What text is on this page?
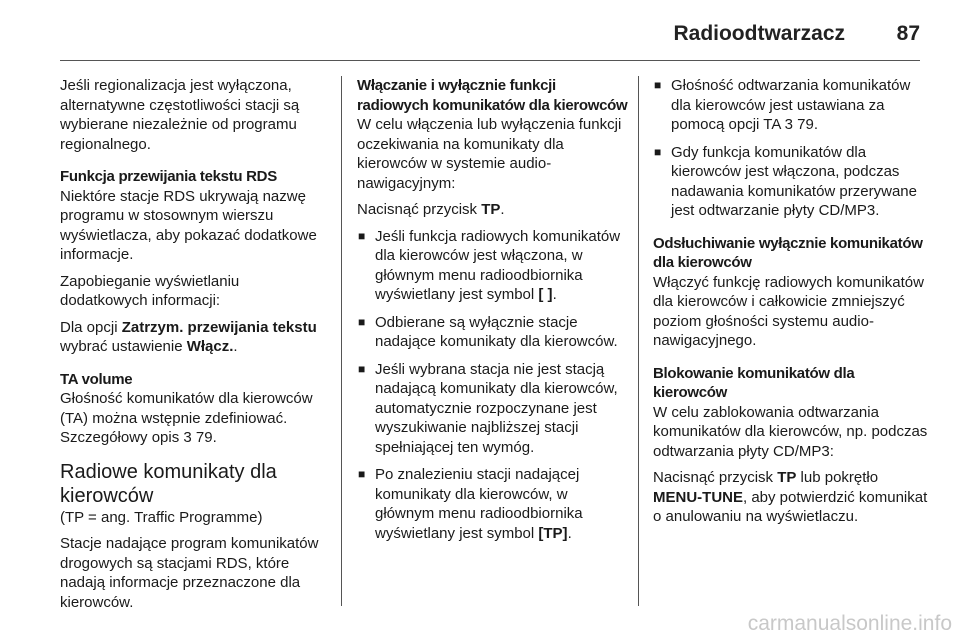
Radioodtwarzacz 87

Jeśli regionalizacja jest wyłączona, alternatywne częstotliwości stacji są wybierane niezależnie od programu regionalnego.

Funkcja przewijania tekstu RDS

Niektóre stacje RDS ukrywają nazwę programu w stosownym wierszu wyświetlacza, aby pokazać dodatkowe informacje.

Zapobieganie wyświetlaniu dodatkowych informacji:

Dla opcji Zatrzym. przewijania tekstu wybrać ustawienie Włącz..

TA volume

Głośność komunikatów dla kierowców (TA) można wstępnie zdefiniować. Szczegółowy opis 3 79.

Radiowe komunikaty dla kierowców

(TP = ang. Traffic Programme)

Stacje nadające program komunikatów drogowych są stacjami RDS, które nadają informacje przeznaczone dla kierowców.

Włączanie i wyłącznie funkcji radiowych komunikatów dla kierowców

W celu włączenia lub wyłączenia funkcji oczekiwania na komunikaty dla kierowców w systemie audio-nawigacyjnym:

Nacisnąć przycisk TP.

■ Jeśli funkcja radiowych komunikatów dla kierowców jest włączona, w głównym menu radioodbiornika wyświetlany jest symbol [ ].
■ Odbierane są wyłącznie stacje nadające komunikaty dla kierowców.
■ Jeśli wybrana stacja nie jest stacją nadającą komunikaty dla kierowców, automatycznie rozpoczynane jest wyszukiwanie najbliższej stacji spełniającej ten wymóg.
■ Po znalezieniu stacji nadającej komunikaty dla kierowców, w głównym menu radioodbiornika wyświetlany jest symbol [TP].
■ Głośność odtwarzania komunikatów dla kierowców jest ustawiana za pomocą opcji TA 3 79.
■ Gdy funkcja komunikatów dla kierowców jest włączona, podczas nadawania komunikatów przerywane jest odtwarzanie płyty CD/MP3.

Odsłuchiwanie wyłącznie komunikatów dla kierowców

Włączyć funkcję radiowych komunikatów dla kierowców i całkowicie zmniejszyć poziom głośności systemu audio-nawigacyjnego.

Blokowanie komunikatów dla kierowców

W celu zablokowania odtwarzania komunikatów dla kierowców, np. podczas odtwarzania płyty CD/MP3:

Nacisnąć przycisk TP lub pokrętło MENU-TUNE, aby potwierdzić komunikat o anulowaniu na wyświetlaczu.

carmanualsonline.info
